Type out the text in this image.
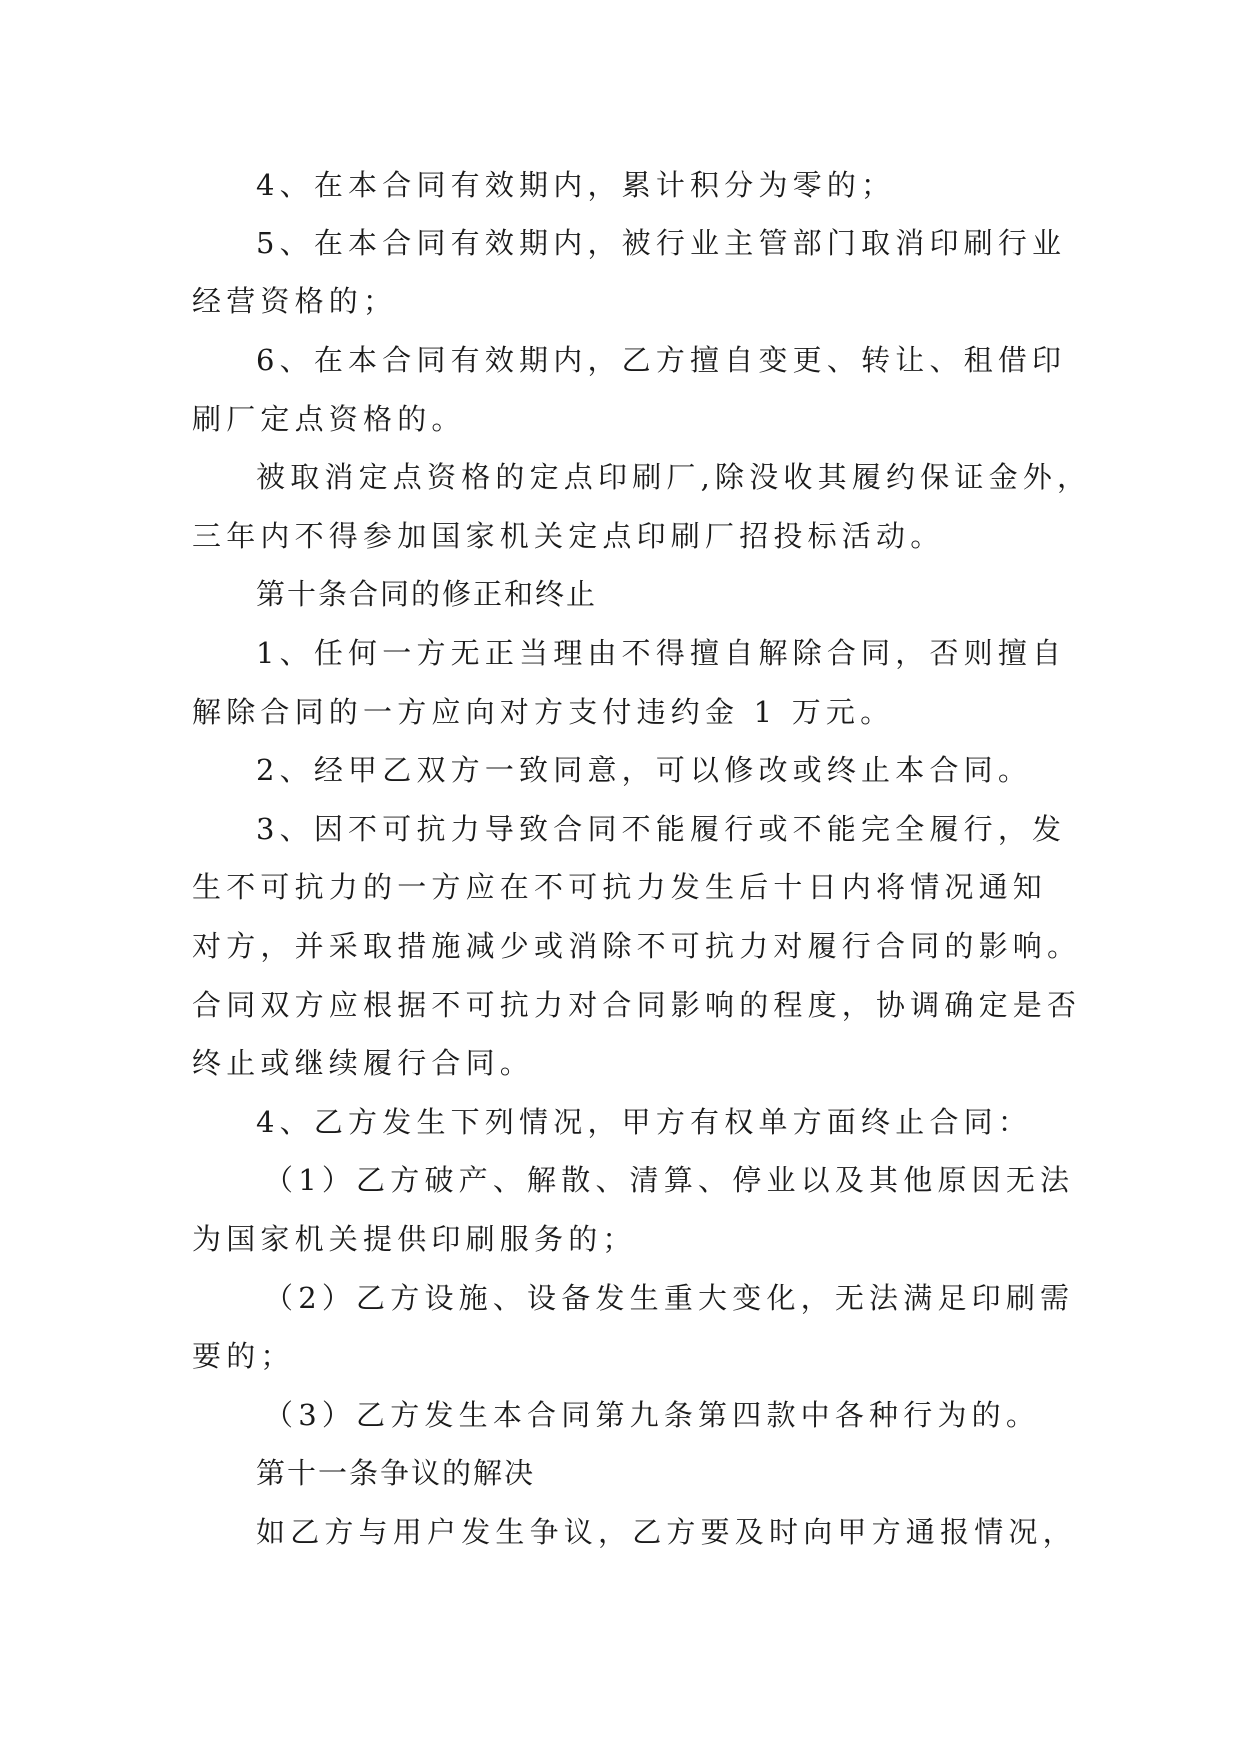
4、在本合同有效期内，累计积分为零的；
5、在本合同有效期内，被行业主管部门取消印刷行业
经营资格的；
6、在本合同有效期内，乙方擅自变更、转让、租借印
刷厂定点资格的。
被取消定点资格的定点印刷厂,除没收其履约保证金外，
三年内不得参加国家机关定点印刷厂招投标活动。
第十条合同的修正和终止
1、任何一方无正当理由不得擅自解除合同，否则擅自
解除合同的一方应向对方支付违约金 1 万元。
2、经甲乙双方一致同意，可以修改或终止本合同。
3、因不可抗力导致合同不能履行或不能完全履行，发
生不可抗力的一方应在不可抗力发生后十日内将情况通知
对方，并采取措施减少或消除不可抗力对履行合同的影响。
合同双方应根据不可抗力对合同影响的程度，协调确定是否
终止或继续履行合同。
4、乙方发生下列情况，甲方有权单方面终止合同：
（1）乙方破产、解散、清算、停业以及其他原因无法
为国家机关提供印刷服务的；
（2）乙方设施、设备发生重大变化，无法满足印刷需
要的；
（3）乙方发生本合同第九条第四款中各种行为的。
第十一条争议的解决
如乙方与用户发生争议，乙方要及时向甲方通报情况，
